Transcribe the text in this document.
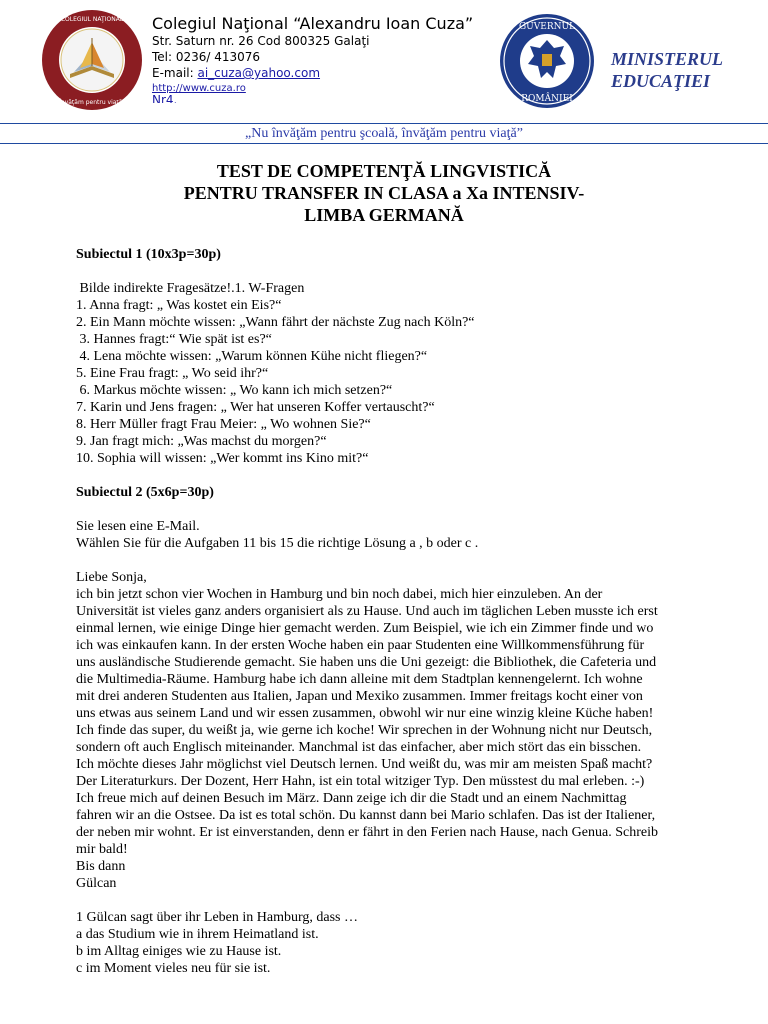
COLEGIUL NAŢIONAL
Învăţăm pentru viaţă!

Colegiul Naţional “Alexandru Ioan Cuza”

Str. Saturn nr. 26 Cod 800325 Galaţi

Tel: 0236/ 413076

E-mail: ai_cuza@yahoo.com

http://www.cuza.ro
Nr4.
GUVERNUL
ROMÂNIEI
MINISTERUL
EDUCAŢIEI
„Nu învăţăm pentru şcoală, învăţăm pentru viaţă”
TEST DE COMPETENŢĂ LINGVISTICĂ
PENTRU TRANSFER IN CLASA a Xa INTENSIV-
LIMBA GERMANĂ

Subiectul 1 (10x3p=30p)

Bilde indirekte Fragesätze!.1. W-Fragen

1. Anna fragt: „ Was kostet ein Eis?“

2. Ein Mann möchte wissen: „Wann fährt der nächste Zug nach Köln?“

3. Hannes fragt:“ Wie spät ist es?“

4. Lena möchte wissen: „Warum können Kühe nicht fliegen?“

5. Eine Frau fragt: „ Wo seid ihr?“

6. Markus möchte wissen: „ Wo kann ich mich setzen?“

7. Karin und Jens fragen: „ Wer hat unseren Koffer vertauscht?“

8. Herr Müller fragt Frau Meier: „ Wo wohnen Sie?“

9. Jan fragt mich: „Was machst du morgen?“

10. Sophia will wissen: „Wer kommt ins Kino mit?“

Subiectul 2 (5x6p=30p)

Sie lesen eine E-Mail.

Wählen Sie für die Aufgaben 11 bis 15 die richtige Lösung a , b oder c .

Liebe Sonja,

ich bin jetzt schon vier Wochen in Hamburg und bin noch dabei, mich hier einzuleben. An der

Universität ist vieles ganz anders organisiert als zu Hause. Und auch im täglichen Leben musste ich erst

einmal lernen, wie einige Dinge hier gemacht werden. Zum Beispiel, wie ich ein Zimmer finde und wo

ich was einkaufen kann. In der ersten Woche haben ein paar Studenten eine Willkommensführung für

uns ausländische Studierende gemacht. Sie haben uns die Uni gezeigt: die Bibliothek, die Cafeteria und

die Multimedia-Räume. Hamburg habe ich dann alleine mit dem Stadtplan kennengelernt. Ich wohne

mit drei anderen Studenten aus Italien, Japan und Mexiko zusammen. Immer freitags kocht einer von

uns etwas aus seinem Land und wir essen zusammen, obwohl wir nur eine winzig kleine Küche haben!

Ich finde das super, du weißt ja, wie gerne ich koche! Wir sprechen in der Wohnung nicht nur Deutsch,

sondern oft auch Englisch miteinander. Manchmal ist das einfacher, aber mich stört das ein bisschen.

Ich möchte dieses Jahr möglichst viel Deutsch lernen. Und weißt du, was mir am meisten Spaß macht?

Der Literaturkurs. Der Dozent, Herr Hahn, ist ein total witziger Typ. Den müsstest du mal erleben. :-)

Ich freue mich auf deinen Besuch im März. Dann zeige ich dir die Stadt und an einem Nachmittag

fahren wir an die Ostsee. Da ist es total schön. Du kannst dann bei Mario schlafen. Das ist der Italiener,

der neben mir wohnt. Er ist einverstanden, denn er fährt in den Ferien nach Hause, nach Genua. Schreib

mir bald!

Bis dann

Gülcan

1 Gülcan sagt über ihr Leben in Hamburg, dass …

a das Studium wie in ihrem Heimatland ist.

b im Alltag einiges wie zu Hause ist.

c im Moment vieles neu für sie ist.
